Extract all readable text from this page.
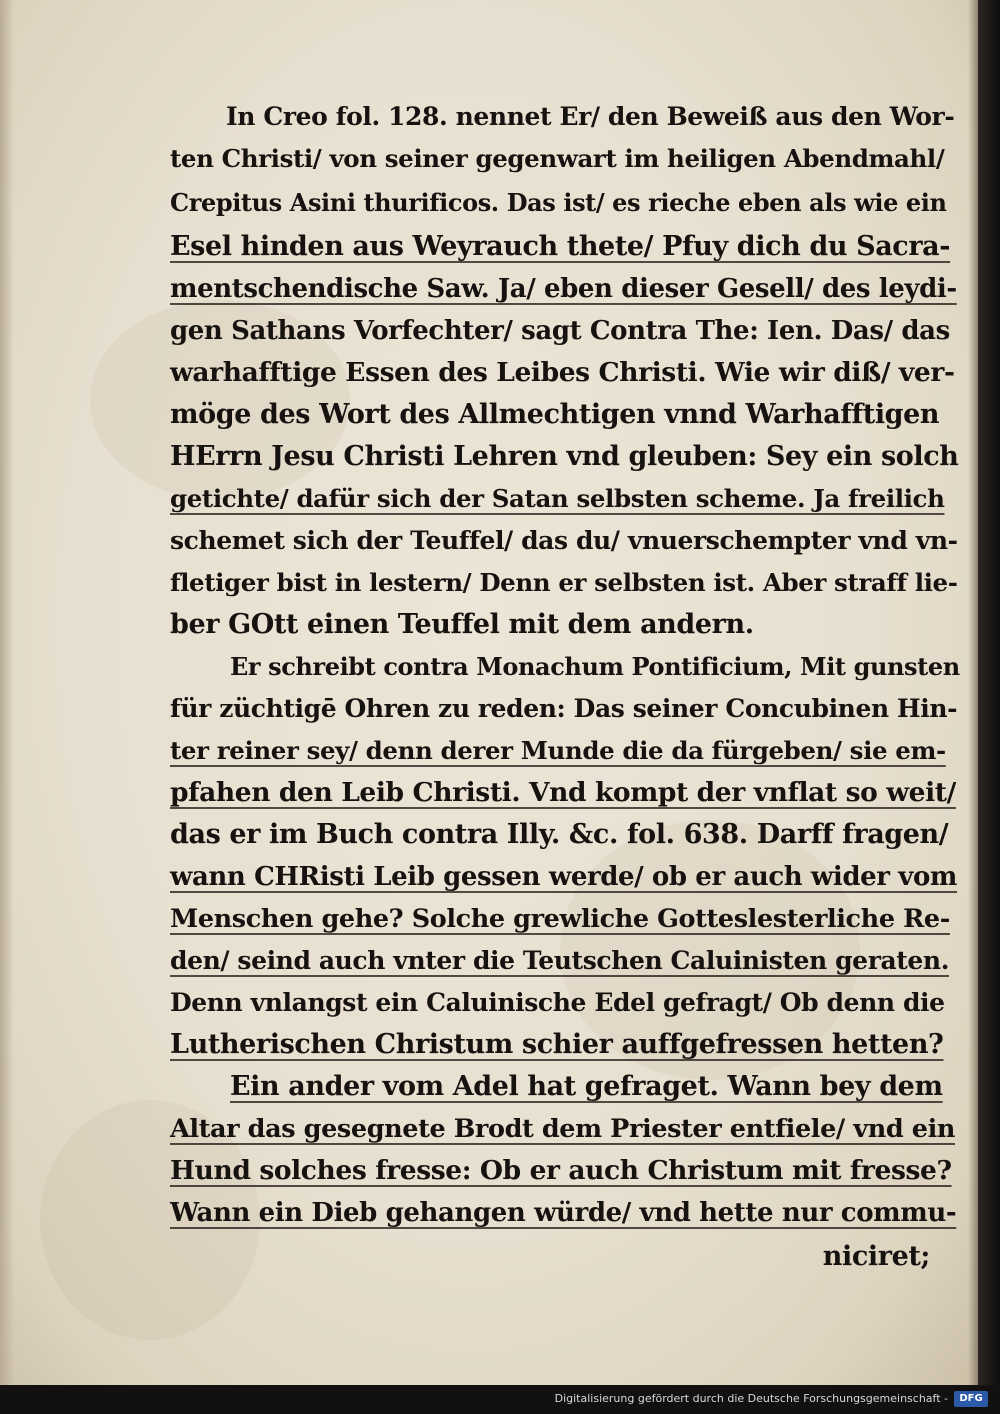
In Creo fol. 128. nennet Er/ den Beweiß aus den Wor-
ten Christi/ von seiner gegenwart im heiligen Abendmahl/
Crepitus Asini thurificos. Das ist/ es rieche eben als wie ein
Esel hinden aus Weyrauch thete/ Pfuy dich du Sacra-
mentschendische Saw. Ja/ eben dieser Gesell/ des leydi-
gen Sathans Vorfechter/ sagt Contra The: Ien. Das/ das
warhafftige Essen des Leibes Christi. Wie wir diß/ ver-
möge des Wort des Allmechtigen vnnd Warhafftigen
HErrn Jesu Christi Lehren vnd gleuben: Sey ein solch
getichte/ dafür sich der Satan selbsten scheme. Ja freilich
schemet sich der Teuffel/ das du/ vnuerschempter vnd vn-
fletiger bist in lestern/ Denn er selbsten ist. Aber straff lie-
ber GOtt einen Teuffel mit dem andern.
Er schreibt contra Monachum Pontificium, Mit gunsten
für züchtigē Ohren zu reden: Das seiner Concubinen Hin-
ter reiner sey/ denn derer Munde die da fürgeben/ sie em-
pfahen den Leib Christi. Vnd kompt der vnflat so weit/
das er im Buch contra Illy. &c. fol. 638. Darff fragen/
wann CHRisti Leib gessen werde/ ob er auch wider vom
Menschen gehe? Solche grewliche Gotteslesterliche Re-
den/ seind auch vnter die Teutschen Caluinisten geraten.
Denn vnlangst ein Caluinische Edel gefragt/ Ob denn die
Lutherischen Christum schier auffgefressen hetten?
Ein ander vom Adel hat gefraget. Wann bey dem
Altar das gesegnete Brodt dem Priester entfiele/ vnd ein
Hund solches fresse: Ob er auch Christum mit fresse?
Wann ein Dieb gehangen würde/ vnd hette nur commu-
niciret;
Digitalisierung gefördert durch die Deutsche Forschungsgemeinschaft -	DFG
